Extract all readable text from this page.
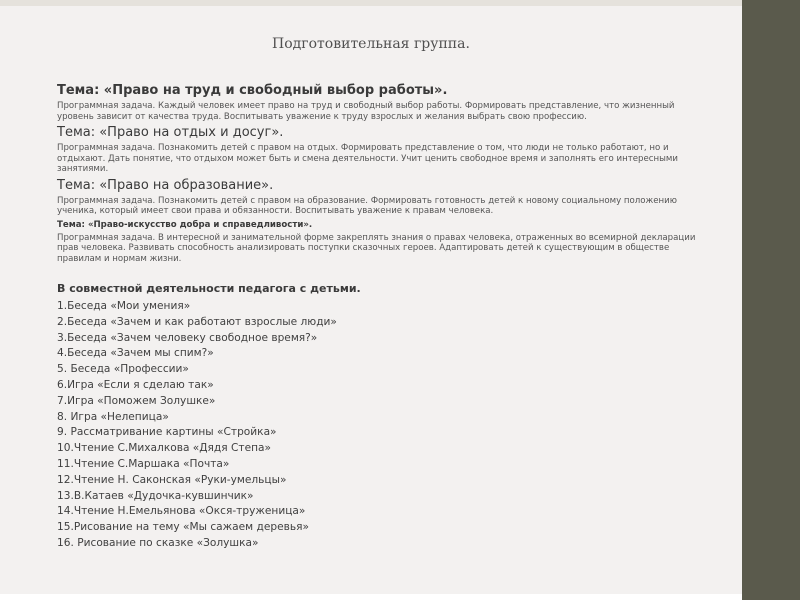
Подготовительная группа.
Тема: «Право на труд и свободный выбор работы».
Программная задача. Каждый человек имеет право на труд и свободный выбор работы. Формировать представление, что жизненный уровень зависит от качества труда. Воспитывать уважение к труду взрослых и желания выбрать свою профессию.
Тема: «Право на отдых и досуг».
Программная задача. Познакомить детей с правом на отдых. Формировать представление о том, что люди не только работают, но и отдыхают. Дать понятие, что отдыхом может быть и смена деятельности. Учит ценить свободное время и заполнять его интересными занятиями.
Тема: «Право на образование».
Программная задача. Познакомить детей с правом на образование. Формировать готовность детей к новому социальному положению ученика, который имеет свои права и обязанности. Воспитывать уважение к правам человека.
Тема: «Право-искусство добра и справедливости».
Программная задача. В интересной и занимательной форме закреплять знания о правах человека, отраженных во всемирной декларации прав человека. Развивать способность анализировать поступки сказочных героев. Адаптировать детей к существующим в обществе правилам и нормам жизни.
В совместной деятельности педагога с детьми.
1.Беседа «Мои умения»
2.Беседа «Зачем и как работают взрослые люди»
3.Беседа «Зачем человеку свободное время?»
4.Беседа «Зачем мы спим?»
5. Беседа «Профессии»
6.Игра «Если я сделаю так»
7.Игра «Поможем Золушке»
8. Игра «Нелепица»
9. Рассматривание картины «Стройка»
10.Чтение С.Михалкова «Дядя Степа»
11.Чтение С.Маршака «Почта»
12.Чтение Н. Саконская «Руки-умельцы»
13.В.Катаев «Дудочка-кувшинчик»
14.Чтение Н.Емельянова «Окся-труженица»
15.Рисование на тему «Мы сажаем деревья»
16. Рисование по сказке «Золушка»
